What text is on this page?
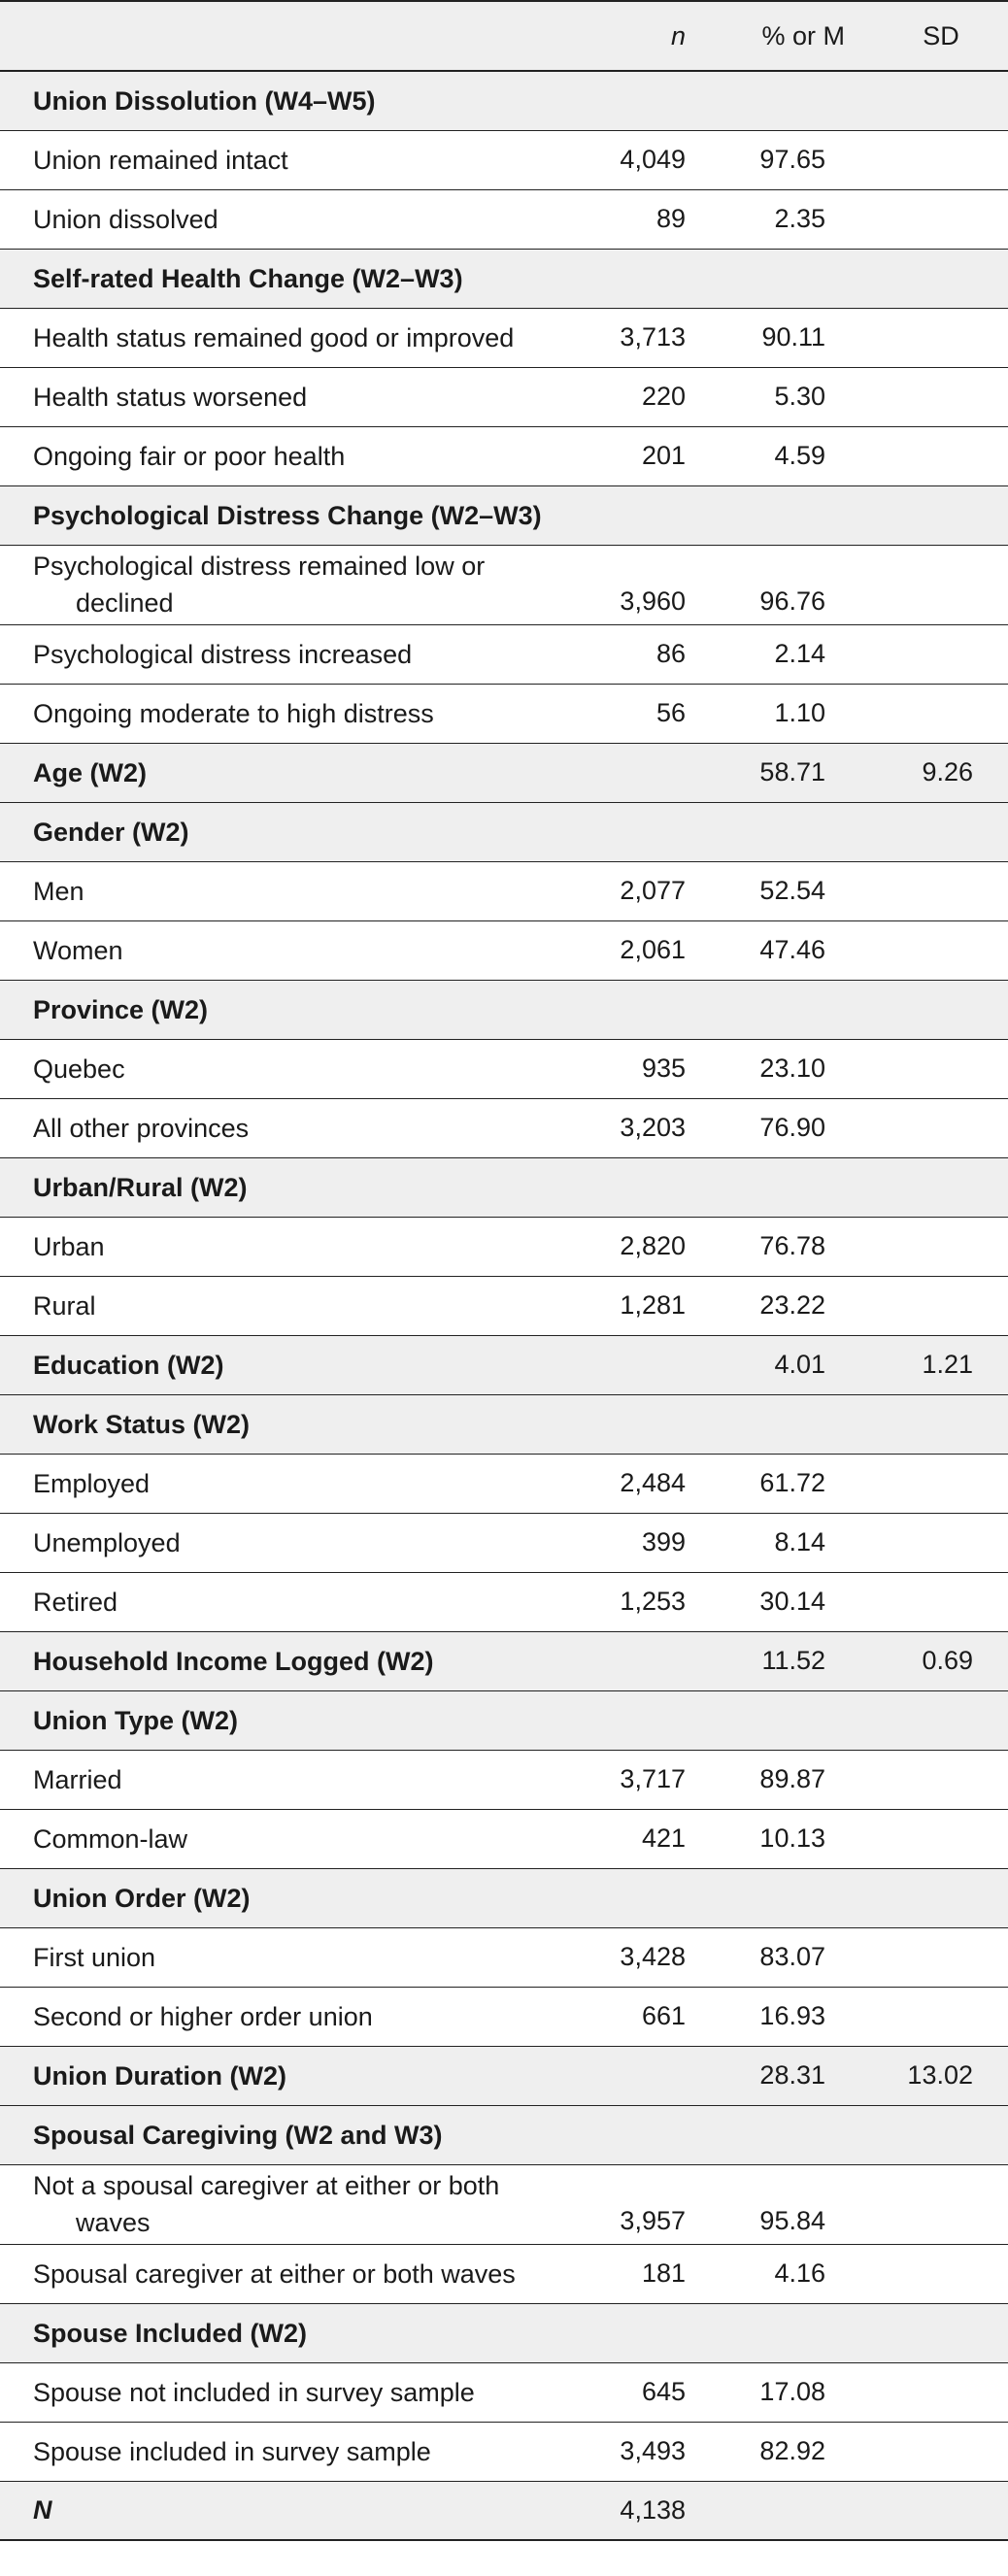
	n	% or M	SD
Union Dissolution (W4–W5)			
Union remained intact	4,049	97.65	
Union dissolved	89	2.35	
Self-rated Health Change (W2–W3)			
Health status remained good or improved	3,713	90.11	
Health status worsened	220	5.30	
Ongoing fair or poor health	201	4.59	
Psychological Distress Change (W2–W3)			

Psychological distress remained low or
declined	3,960	96.76	
Psychological distress increased	86	2.14	
Ongoing moderate to high distress	56	1.10	
Age (W2)		58.71	9.26
Gender (W2)			
Men	2,077	52.54	
Women	2,061	47.46	
Province (W2)			
Quebec	935	23.10	
All other provinces	3,203	76.90	
Urban/Rural (W2)			
Urban	2,820	76.78	
Rural	1,281	23.22	
Education (W2)		4.01	1.21
Work Status (W2)			
Employed	2,484	61.72	
Unemployed	399	8.14	
Retired	1,253	30.14	
Household Income Logged (W2)		11.52	0.69
Union Type (W2)			
Married	3,717	89.87	
Common-law	421	10.13	
Union Order (W2)			
First union	3,428	83.07	
Second or higher order union	661	16.93	
Union Duration (W2)		28.31	13.02
Spousal Caregiving (W2 and W3)			

Not a spousal caregiver at either or both
waves	3,957	95.84	
Spousal caregiver at either or both waves	181	4.16	
Spouse Included (W2)			
Spouse not included in survey sample	645	17.08	
Spouse included in survey sample	3,493	82.92	
N	4,138		
